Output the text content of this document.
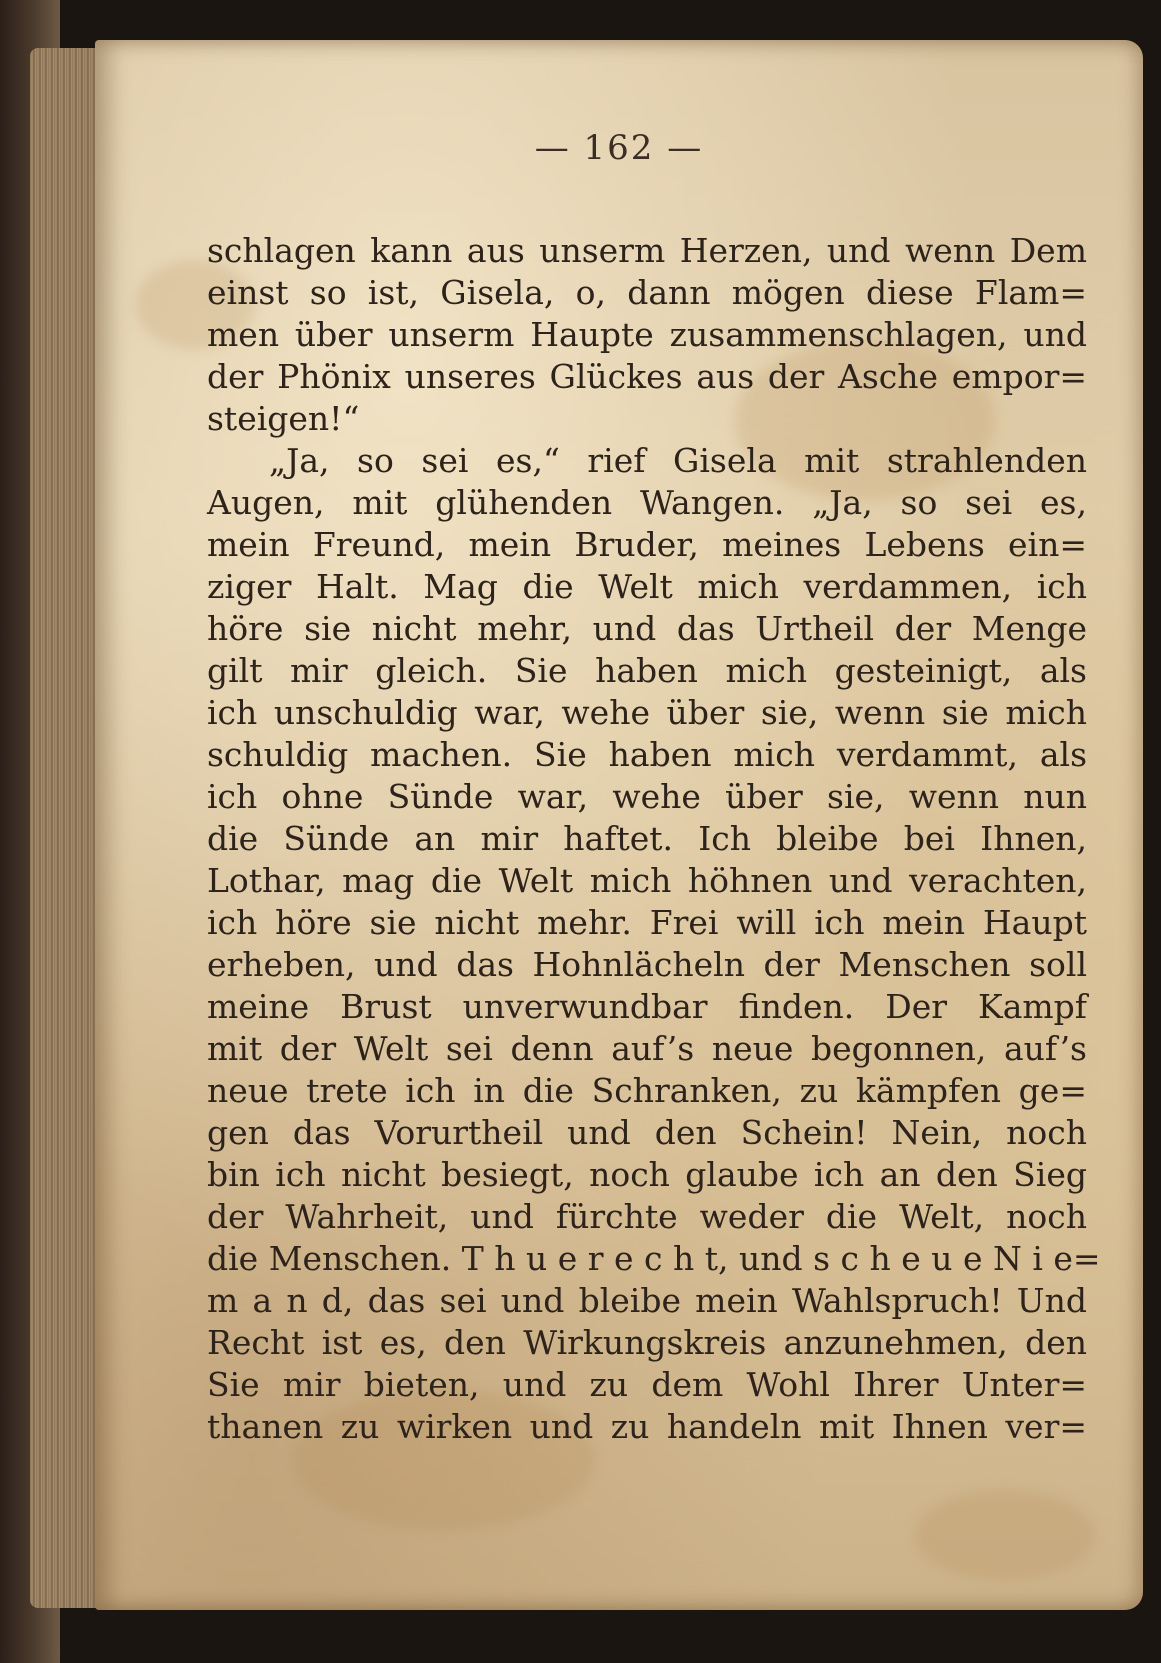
— 162 —
schlagen kann aus unserm Herzen, und wenn Dem
einst so ist, Gisela, o, dann mögen diese Flam=
men über unserm Haupte zusammenschlagen, und
der Phönix unseres Glückes aus der Asche empor=
steigen!“
„Ja, so sei es,“ rief Gisela mit strahlenden
Augen, mit glühenden Wangen. „Ja, so sei es,
mein Freund, mein Bruder, meines Lebens ein=
ziger Halt. Mag die Welt mich verdammen, ich
höre sie nicht mehr, und das Urtheil der Menge
gilt mir gleich. Sie haben mich gesteinigt, als
ich unschuldig war, wehe über sie, wenn sie mich
schuldig machen. Sie haben mich verdammt, als
ich ohne Sünde war, wehe über sie, wenn nun
die Sünde an mir haftet. Ich bleibe bei Ihnen,
Lothar, mag die Welt mich höhnen und verachten,
ich höre sie nicht mehr. Frei will ich mein Haupt
erheben, und das Hohnlächeln der Menschen soll
meine Brust unverwundbar finden. Der Kampf
mit der Welt sei denn auf’s neue begonnen, auf’s
neue trete ich in die Schranken, zu kämpfen ge=
gen das Vorurtheil und den Schein! Nein, noch
bin ich nicht besiegt, noch glaube ich an den Sieg
der Wahrheit, und fürchte weder die Welt, noch
die Menschen. T h u e r e c h t, und s c h e u e N i e=
m a n d, das sei und bleibe mein Wahlspruch! Und
Recht ist es, den Wirkungskreis anzunehmen, den
Sie mir bieten, und zu dem Wohl Ihrer Unter=
thanen zu wirken und zu handeln mit Ihnen ver=
